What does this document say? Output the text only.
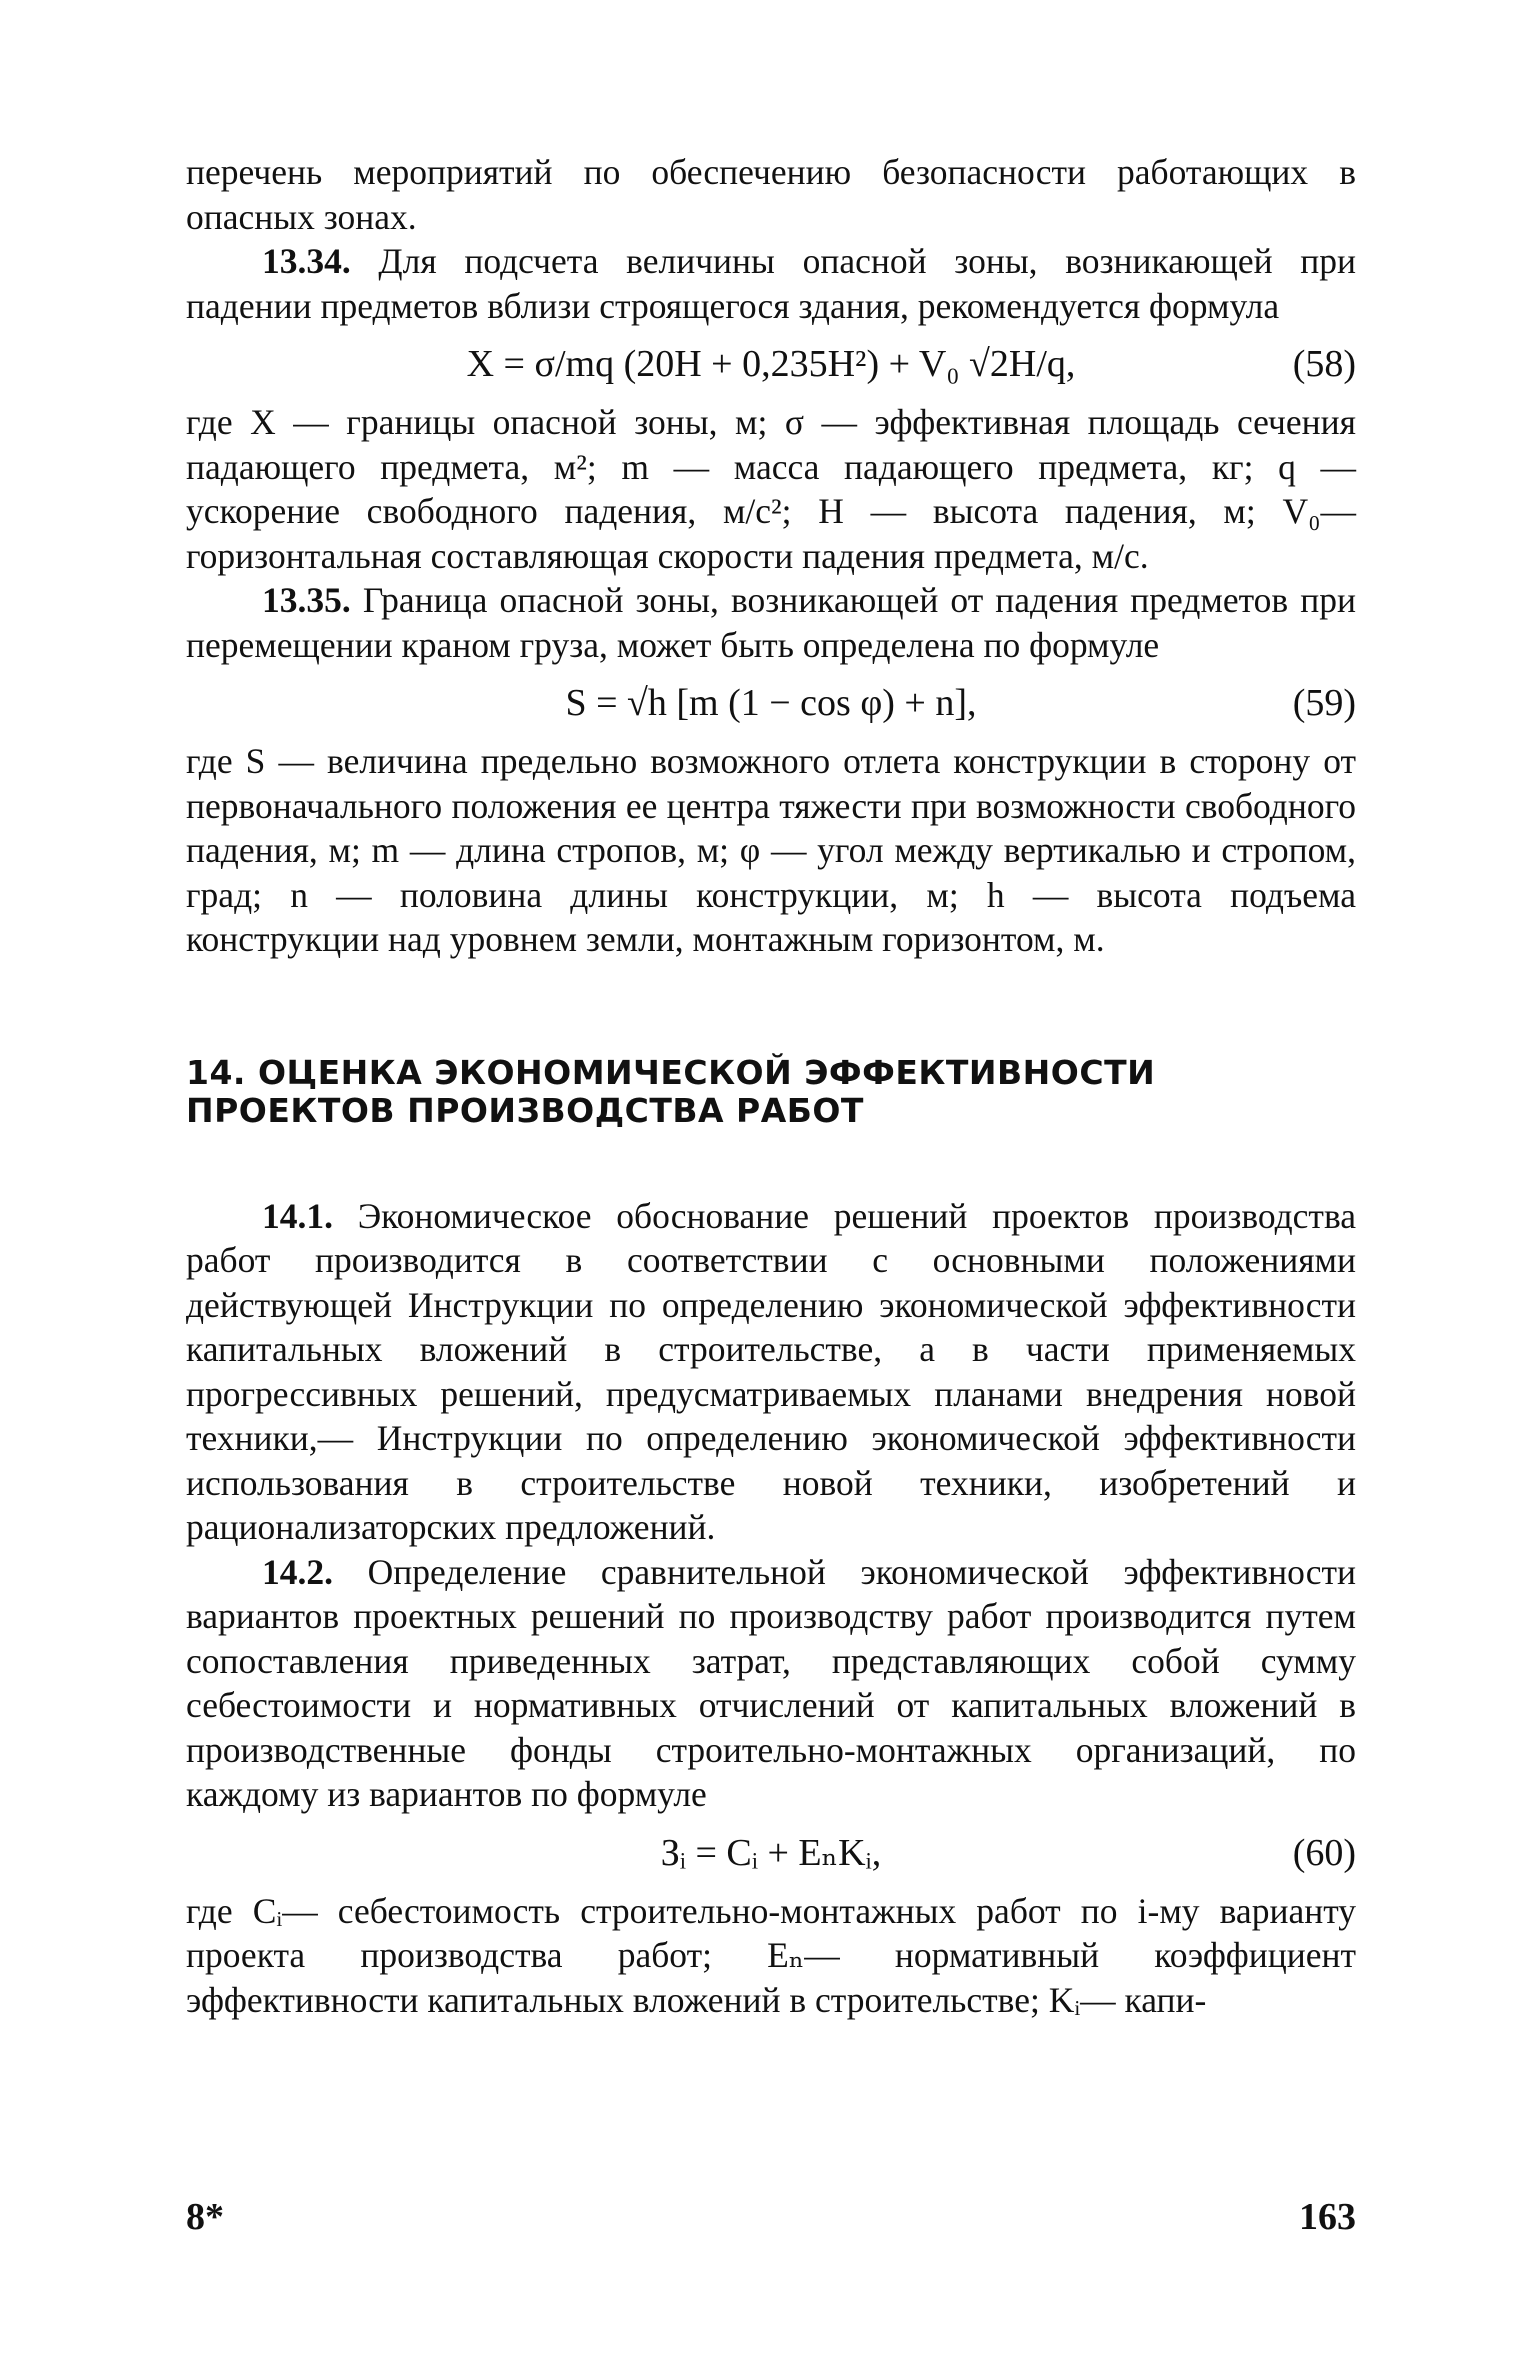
перечень мероприятий по обеспечению безопасности работающих в опасных зонах.

13.34. Для подсчета величины опасной зоны, возникающей при падении предметов вблизи строящегося здания, рекомендуется формула

X = σ/mq (20H + 0,235H²) + V₀ √2H/q,	(58)

где X — границы опасной зоны, м; σ — эффективная площадь сечения падающего предмета, м²; m — масса падающего предмета, кг; q — ускорение свободного падения, м/с²; H — высота падения, м; V₀— горизонтальная составляющая скорости падения предмета, м/с.

13.35. Граница опасной зоны, возникающей от падения предметов при перемещении краном груза, может быть определена по формуле

S = √h [m (1 − cos φ) + n],	(59)

где S — величина предельно возможного отлета конструкции в сторону от первоначального положения ее центра тяжести при возможности свободного падения, м; m — длина стропов, м; φ — угол между вертикалью и стропом, град; n — половина длины конструкции, м; h — высота подъема конструкции над уровнем земли, монтажным горизонтом, м.

14. ОЦЕНКА ЭКОНОМИЧЕСКОЙ ЭФФЕКТИВНОСТИ ПРОЕКТОВ ПРОИЗВОДСТВА РАБОТ

14.1. Экономическое обоснование решений проектов производства работ производится в соответствии с основными положениями действующей Инструкции по определению экономической эффективности капитальных вложений в строительстве, а в части применяемых прогрессивных решений, предусматриваемых планами внедрения новой техники,— Инструкции по определению экономической эффективности использования в строительстве новой техники, изобретений и рационализаторских предложений.

14.2. Определение сравнительной экономической эффективности вариантов проектных решений по производству работ производится путем сопоставления приведенных затрат, представляющих собой сумму себестоимости и нормативных отчислений от капитальных вложений в производственные фонды строительно-монтажных организаций, по каждому из вариантов по формуле

Зᵢ = Cᵢ + EₙKᵢ,	(60)

где Cᵢ— себестоимость строительно-монтажных работ по i-му варианту проекта производства работ; Eₙ— нормативный коэффициент эффективности капитальных вложений в строительстве; Kᵢ— капи-

8*	163
